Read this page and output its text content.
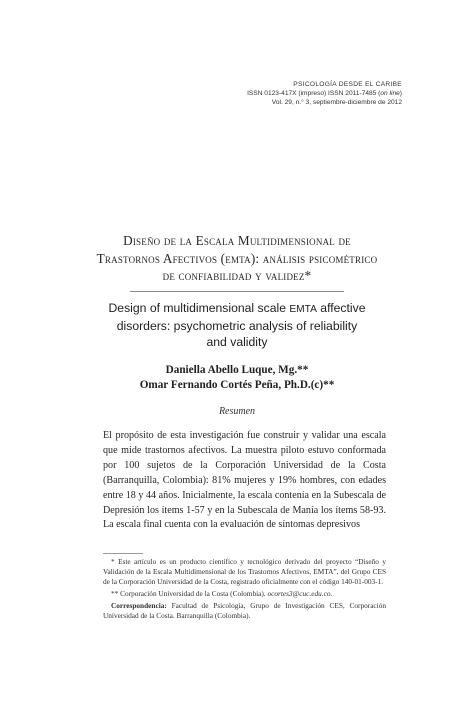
PSICOLOGÍA DESDE EL CARIBE
ISSN 0123-417X (impreso) ISSN 2011-7485 (on line)
Vol. 29, n.° 3, septiembre-diciembre de 2012
Diseño de la Escala Multidimensional de Trastornos Afectivos (emta): análisis psicométrico de confiabilidad y validez*
Design of multidimensional scale EMTA affective disorders: psychometric analysis of reliability and validity
Daniella Abello Luque, Mg.**
Omar Fernando Cortés Peña, Ph.D.(c)**
Resumen

El propósito de esta investigación fue construir y validar una escala que mide trastornos afectivos. La muestra piloto estuvo conformada por 100 sujetos de la Corporación Universidad de la Costa (Barranquilla, Colombia): 81% mujeres y 19% hombres, con edades entre 18 y 44 años. Inicialmente, la escala contenía en la Subescala de Depresión los ítems 1-57 y en la Subescala de Manía los ítems 58-93. La escala final cuenta con la evaluación de síntomas depresivos

* Este artículo es un producto científico y tecnológico derivado del proyecto “Diseño y Validación de la Escala Multidimensional de los Trastornos Afectivos, EMTA”, del Grupo CES de la Corporación Universidad de la Costa, registrado oficialmente con el código 140-01-003-1.

** Corporación Universidad de la Costa (Colombia). ocortes3@cuc.edu.co.

Correspondencia: Facultad de Psicología, Grupo de Investigación CES, Corporación Universidad de la Costa. Barranquilla (Colombia).
